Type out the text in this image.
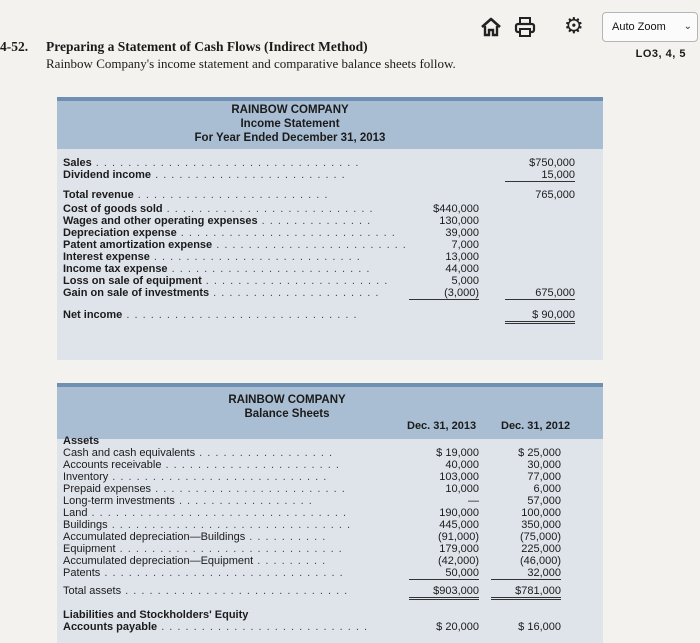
⚙	Auto Zoom ⌄
4-52. Preparing a Statement of Cash Flows (Indirect Method)
Rainbow Company's income statement and comparative balance sheets follow.
LO3, 4, 5
RAINBOW COMPANY
Income Statement
For Year Ended December 31, 2013
Sales . . . . . . . . . . . . . . . . . . . . . . . . . . . . . . . . .	$750,000
Dividend income . . . . . . . . . . . . . . . . . . . . . . . .	15,000
Total revenue . . . . . . . . . . . . . . . . . . . . . . . .	765,000
Cost of goods sold . . . . . . . . . . . . . . . . . . . . . . . . . .	$440,000
Wages and other operating expenses . . . . . . . . . . . . . .	130,000
Depreciation expense . . . . . . . . . . . . . . . . . . . . . . . . . . .	39,000
Patent amortization expense . . . . . . . . . . . . . . . . . . . . . . . .	7,000
Interest expense . . . . . . . . . . . . . . . . . . . . . . . . . .	13,000
Income tax expense . . . . . . . . . . . . . . . . . . . . . . . . .	44,000
Loss on sale of equipment . . . . . . . . . . . . . . . . . . . . . . .	5,000
Gain on sale of investments . . . . . . . . . . . . . . . . . . . . .	(3,000)	675,000
Net income . . . . . . . . . . . . . . . . . . . . . . . . . . . . .	$ 90,000
RAINBOW COMPANY
Balance Sheets
Dec. 31, 2013 Dec. 31, 2012
Assets
Cash and cash equivalents . . . . . . . . . . . . . . . . .	$ 19,000	$ 25,000
Accounts receivable . . . . . . . . . . . . . . . . . . . . . .	40,000	30,000
Inventory . . . . . . . . . . . . . . . . . . . . . . . . . . .	103,000	77,000
Prepaid expenses . . . . . . . . . . . . . . . . . . . . . . . .	10,000	6,000
Long-term investments . . . . . . . . . . . . . . . . .	—	57,000
Land . . . . . . . . . . . . . . . . . . . . . . . . . . . . . . . .	190,000	100,000
Buildings . . . . . . . . . . . . . . . . . . . . . . . . . . . . . .	445,000	350,000
Accumulated depreciation—Buildings . . . . . . . . . .	(91,000)	(75,000)
Equipment . . . . . . . . . . . . . . . . . . . . . . . . . . . .	179,000	225,000
Accumulated depreciation—Equipment . . . . . . . . .	(42,000)	(46,000)
Patents . . . . . . . . . . . . . . . . . . . . . . . . . . . . . .	50,000	32,000
Total assets . . . . . . . . . . . . . . . . . . . . . . . . . . . .	$903,000	$781,000
Liabilities and Stockholders' Equity
Accounts payable . . . . . . . . . . . . . . . . . . . . . . . . . .	$ 20,000	$ 16,000
